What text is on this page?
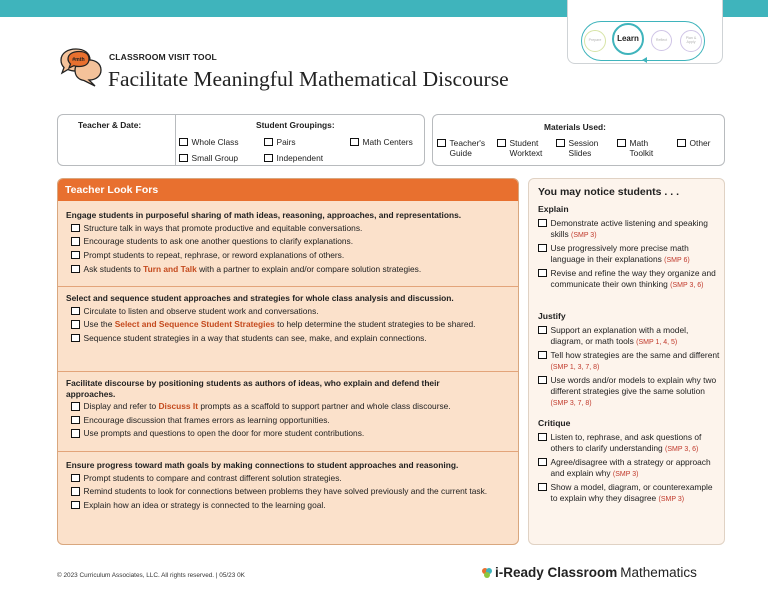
Prepare	Learn	Reflect	Plan & Apply
#mth	CLASSROOM VISIT TOOL
Facilitate Meaningful Mathematical Discourse
Teacher & Date:	Student Groupings:
Whole Class	Pairs	Math Centers
Small Group	Independent
Materials Used:
Teacher's Guide
Student Worktext
Session Slides
Math Toolkit
Other
Teacher Look Fors
Engage students in purposeful sharing of math ideas, reasoning, approaches, and representations.
Structure talk in ways that promote productive and equitable conversations.
Encourage students to ask one another questions to clarify explanations.
Prompt students to repeat, rephrase, or reword explanations of others.
Ask students to Turn and Talk with a partner to explain and/or compare solution strategies.
Select and sequence student approaches and strategies for whole class analysis and discussion.
Circulate to listen and observe student work and conversations.
Use the Select and Sequence Student Strategies to help determine the student strategies to be shared.
Sequence student strategies in a way that students can see, make, and explain connections.
Facilitate discourse by positioning students as authors of ideas, who explain and defend their approaches.
Display and refer to Discuss It prompts as a scaffold to support partner and whole class discourse.
Encourage discussion that frames errors as learning opportunities.
Use prompts and questions to open the door for more student contributions.
Ensure progress toward math goals by making connections to student approaches and reasoning.
Prompt students to compare and contrast different solution strategies.
Remind students to look for connections between problems they have solved previously and the current task.
Explain how an idea or strategy is connected to the learning goal.
You may notice students . . .
Explain
Demonstrate active listening and speaking skills (SMP 3)
Use progressively more precise math language in their explanations (SMP 6)
Revise and refine the way they organize and communicate their own thinking (SMP 3, 6)
Justify
Support an explanation with a model, diagram, or math tools (SMP 1, 4, 5)
Tell how strategies are the same and different (SMP 1, 3, 7, 8)
Use words and/or models to explain why two different strategies give the same solution (SMP 3, 7, 8)
Critique
Listen to, rephrase, and ask questions of others to clarify understanding (SMP 3, 6)
Agree/disagree with a strategy or approach and explain why (SMP 3)
Show a model, diagram, or counterexample to explain why they disagree (SMP 3)
© 2023 Curriculum Associates, LLC. All rights reserved. | 05/23 0K	i-Ready Classroom Mathematics
